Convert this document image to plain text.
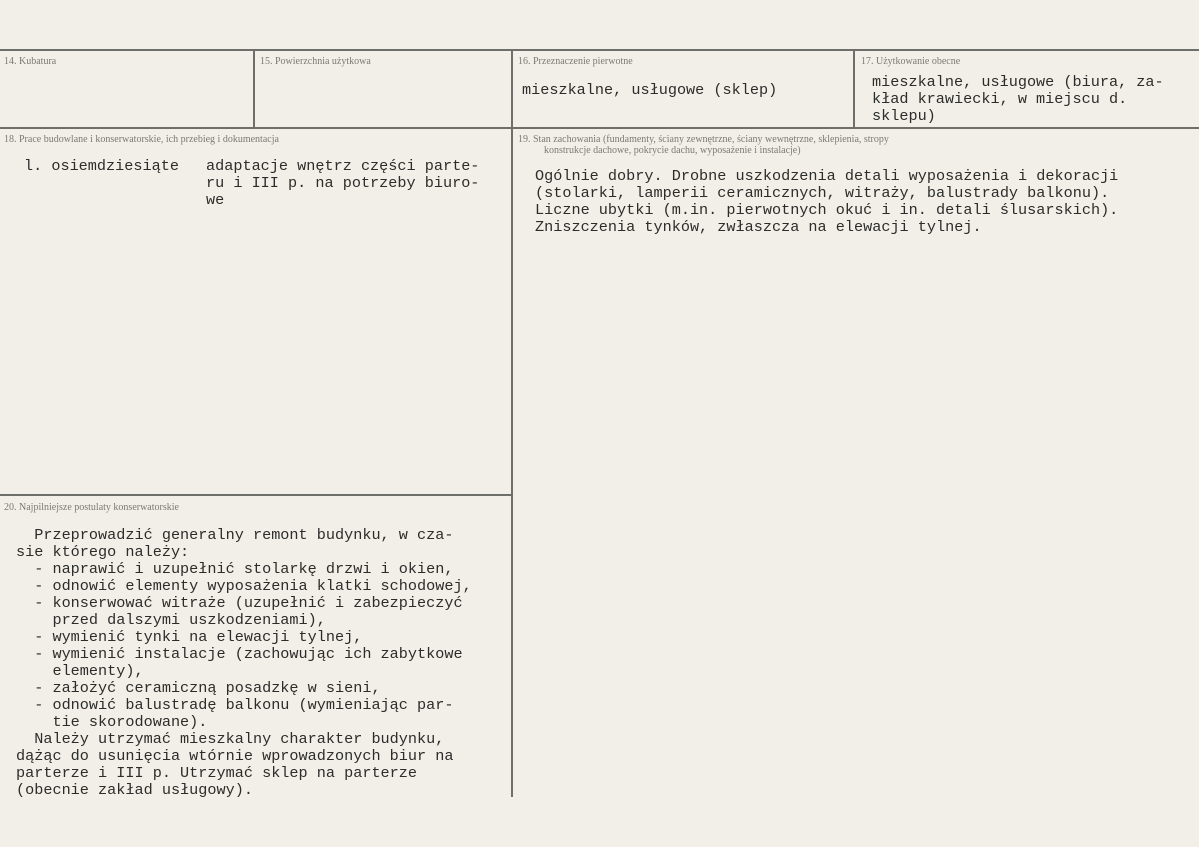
14. Kubatura	15. Powierzchnia użytkowa	16. Przeznaczenie pierwotne
mieszkalne, usługowe (sklep)
17. Użytkowanie obecne
mieszkalne, usługowe (biura, za-
kład krawiecki, w miejscu d.
sklepu)
18. Prace budowlane i konserwatorskie, ich przebieg i dokumentacja
l. osiemdziesiąte adaptacje wnętrz części parte-
ru i III p. na potrzeby biuro-
we
19. Stan zachowania (fundamenty, ściany zewnętrzne, ściany wewnętrzne, sklepienia, stropy
konstrukcje dachowe, pokrycie dachu, wyposażenie i instalacje)
Ogólnie dobry. Drobne uszkodzenia detali wyposażenia i dekoracji
(stolarki, lamperii ceramicznych, witraży, balustrady balkonu).
Liczne ubytki (m.in. pierwotnych okuć i in. detali ślusarskich).
Zniszczenia tynków, zwłaszcza na elewacji tylnej.
20. Najpilniejsze postulaty konserwatorskie
Przeprowadzić generalny remont budynku, w cza-
sie którego należy:
- naprawić i uzupełnić stolarkę drzwi i okien,
- odnowić elementy wyposażenia klatki schodowej,
- konserwować witraże (uzupełnić i zabezpieczyć
przed dalszymi uszkodzeniami),
- wymienić tynki na elewacji tylnej,
- wymienić instalacje (zachowując ich zabytkowe
elementy),
- założyć ceramiczną posadzkę w sieni,
- odnowić balustradę balkonu (wymieniając par-
tie skorodowane).
Należy utrzymać mieszkalny charakter budynku,
dążąc do usunięcia wtórnie wprowadzonych biur na
parterze i III p. Utrzymać sklep na parterze
(obecnie zakład usługowy).
